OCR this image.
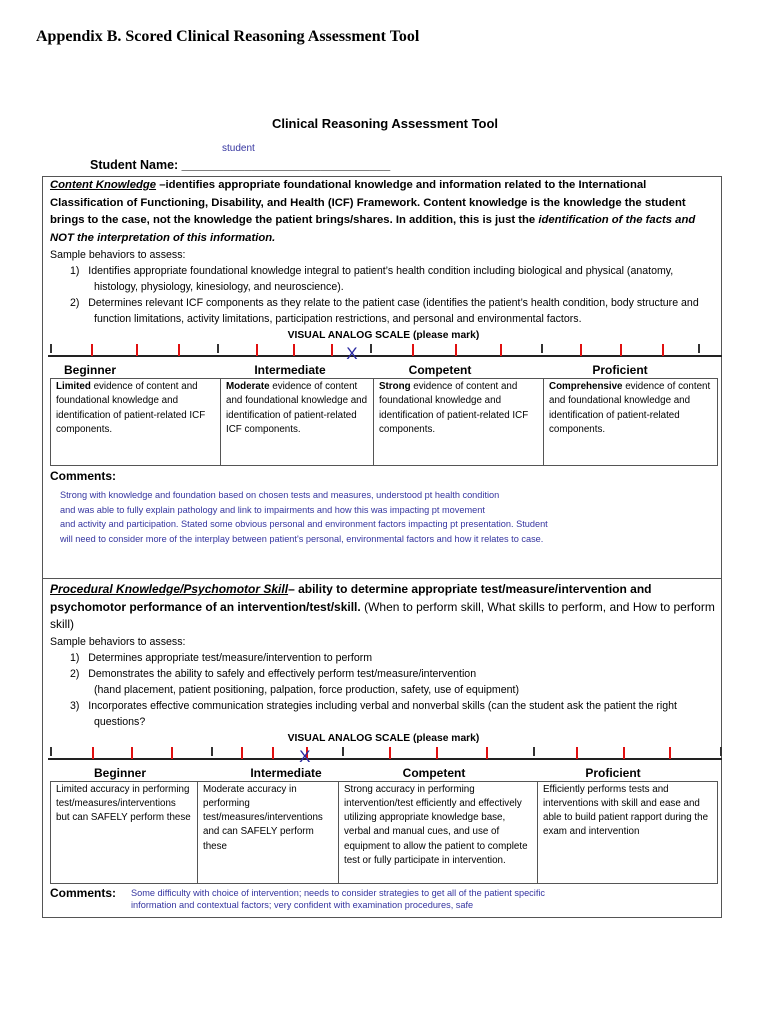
Appendix B. Scored Clinical Reasoning Assessment Tool
Clinical Reasoning Assessment Tool
student
Student Name: ______________________________
Content Knowledge –identifies appropriate foundational knowledge and information related to the International Classification of Functioning, Disability, and Health (ICF) Framework. Content knowledge is the knowledge the student brings to the case, not the knowledge the patient brings/shares. In addition, this is just the identification of the facts and NOT the interpretation of this information.
Sample behaviors to assess:
1)   Identifies appropriate foundational knowledge integral to patient’s health condition including biological and physical (anatomy, histology, physiology, kinesiology, and neuroscience).
2)   Determines relevant ICF components as they relate to the patient case (identifies the patient’s health condition, body structure and function limitations, activity limitations, participation restrictions, and personal and environmental factors.
VISUAL ANALOG SCALE (please mark)
X
Beginner	Intermediate	Competent	Proficient
Limited evidence of content and foundational knowledge and identification of patient-related ICF components.	Moderate evidence of content and foundational knowledge and identification of patient-related ICF components.	Strong evidence of content and foundational knowledge and identification of patient-related ICF components.	Comprehensive evidence of content and foundational knowledge and identification of patient-related components.
Comments:
Strong with knowledge and foundation based on chosen tests and measures, understood pt health condition
and was able to fully explain pathology and link to impairments and how this was impacting pt movement
and activity and participation. Stated some obvious personal and environment factors impacting pt presentation. Student
will need to consider more of the interplay between patient's personal, environmental factors and how it relates to case.
Procedural Knowledge/Psychomotor Skill– ability to determine appropriate test/measure/intervention and psychomotor performance of an intervention/test/skill. (When to perform skill, What skills to perform, and How to perform skill)
Sample behaviors to assess:
1)   Determines appropriate test/measure/intervention to perform
2)   Demonstrates the ability to safely and effectively perform test/measure/intervention
(hand placement, patient positioning, palpation, force production, safety, use of equipment)
3)   Incorporates effective communication strategies including verbal and nonverbal skills (can the student ask the patient the right questions?
VISUAL ANALOG SCALE (please mark)
X
Beginner	Intermediate	Competent	Proficient
Limited accuracy in performing test/measures/interventions but can SAFELY perform these	Moderate accuracy in performing test/measures/interventions and can SAFELY perform these	Strong accuracy in performing intervention/test efficiently and effectively utilizing appropriate knowledge base, verbal and manual cues, and use of equipment to allow the patient to complete test or fully participate in intervention.	Efficiently performs tests and interventions with skill and ease and able to build patient rapport during the exam and intervention
Comments:	Some difficulty with choice of intervention; needs to consider strategies to get all of the patient specific
information and contextual factors; very confident with examination procedures, safe
